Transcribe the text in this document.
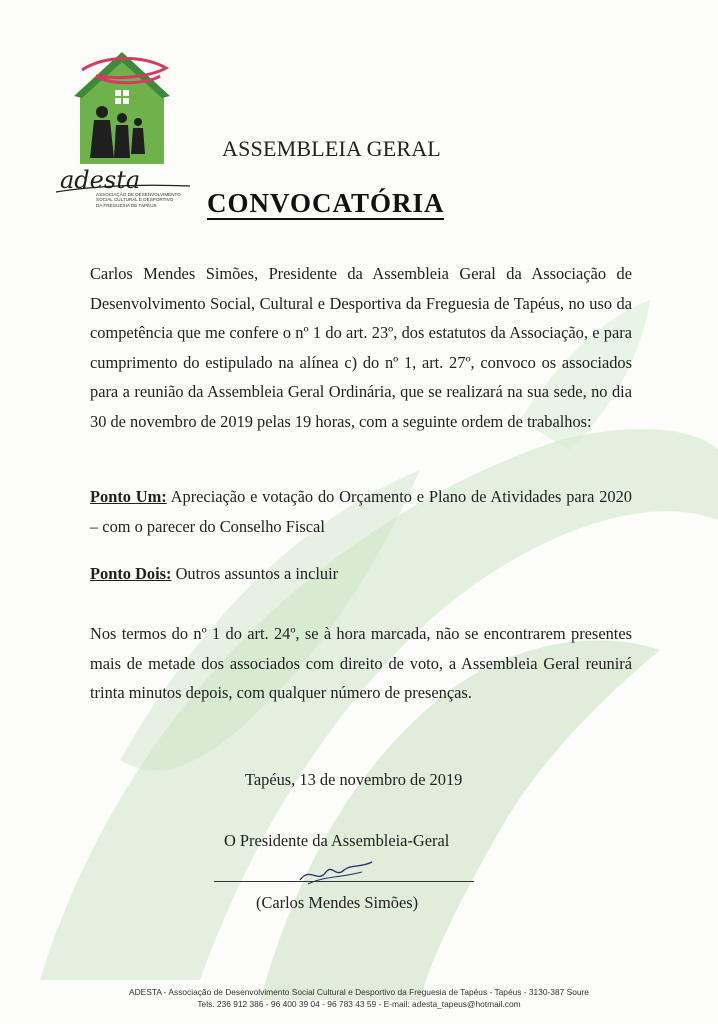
adesta
ASSOCIAÇÃO DE DESENVOLVIMENTO
SOCIAL CULTURAL E DESPORTIVO
DA FREGUESIA DE TAPÉUS
ASSEMBLEIA GERAL
CONVOCATÓRIA
Carlos Mendes Simões, Presidente da Assembleia Geral da Associação de Desenvolvimento Social, Cultural e Desportiva da Freguesia de Tapéus, no uso da competência que me confere o nº 1 do art. 23º, dos estatutos da Associação, e para cumprimento do estipulado na alínea c) do nº 1, art. 27º, convoco os associados para a reunião da Assembleia Geral Ordinária, que se realizará na sua sede, no dia 30 de novembro de 2019 pelas 19 horas, com a seguinte ordem de trabalhos:
Ponto Um: Apreciação e votação do Orçamento e Plano de Atividades para 2020 – com o parecer do Conselho Fiscal
Ponto Dois: Outros assuntos a incluir
Nos termos do nº 1 do art. 24º, se à hora marcada, não se encontrarem presentes mais de metade dos associados com direito de voto, a Assembleia Geral reunirá trinta minutos depois, com qualquer número de presenças.
Tapéus, 13 de novembro de 2019
O Presidente da Assembleia-Geral
(Carlos Mendes Simões)
ADESTA - Associação de Desenvolvimento Social Cultural e Desportivo da Freguesia de Tapéus - Tapéus - 3130-387 Soure
Tels. 236 912 386 - 96 400 39 04 - 96 783 43 59 - E-mail: adesta_tapeus@hotmail.com
